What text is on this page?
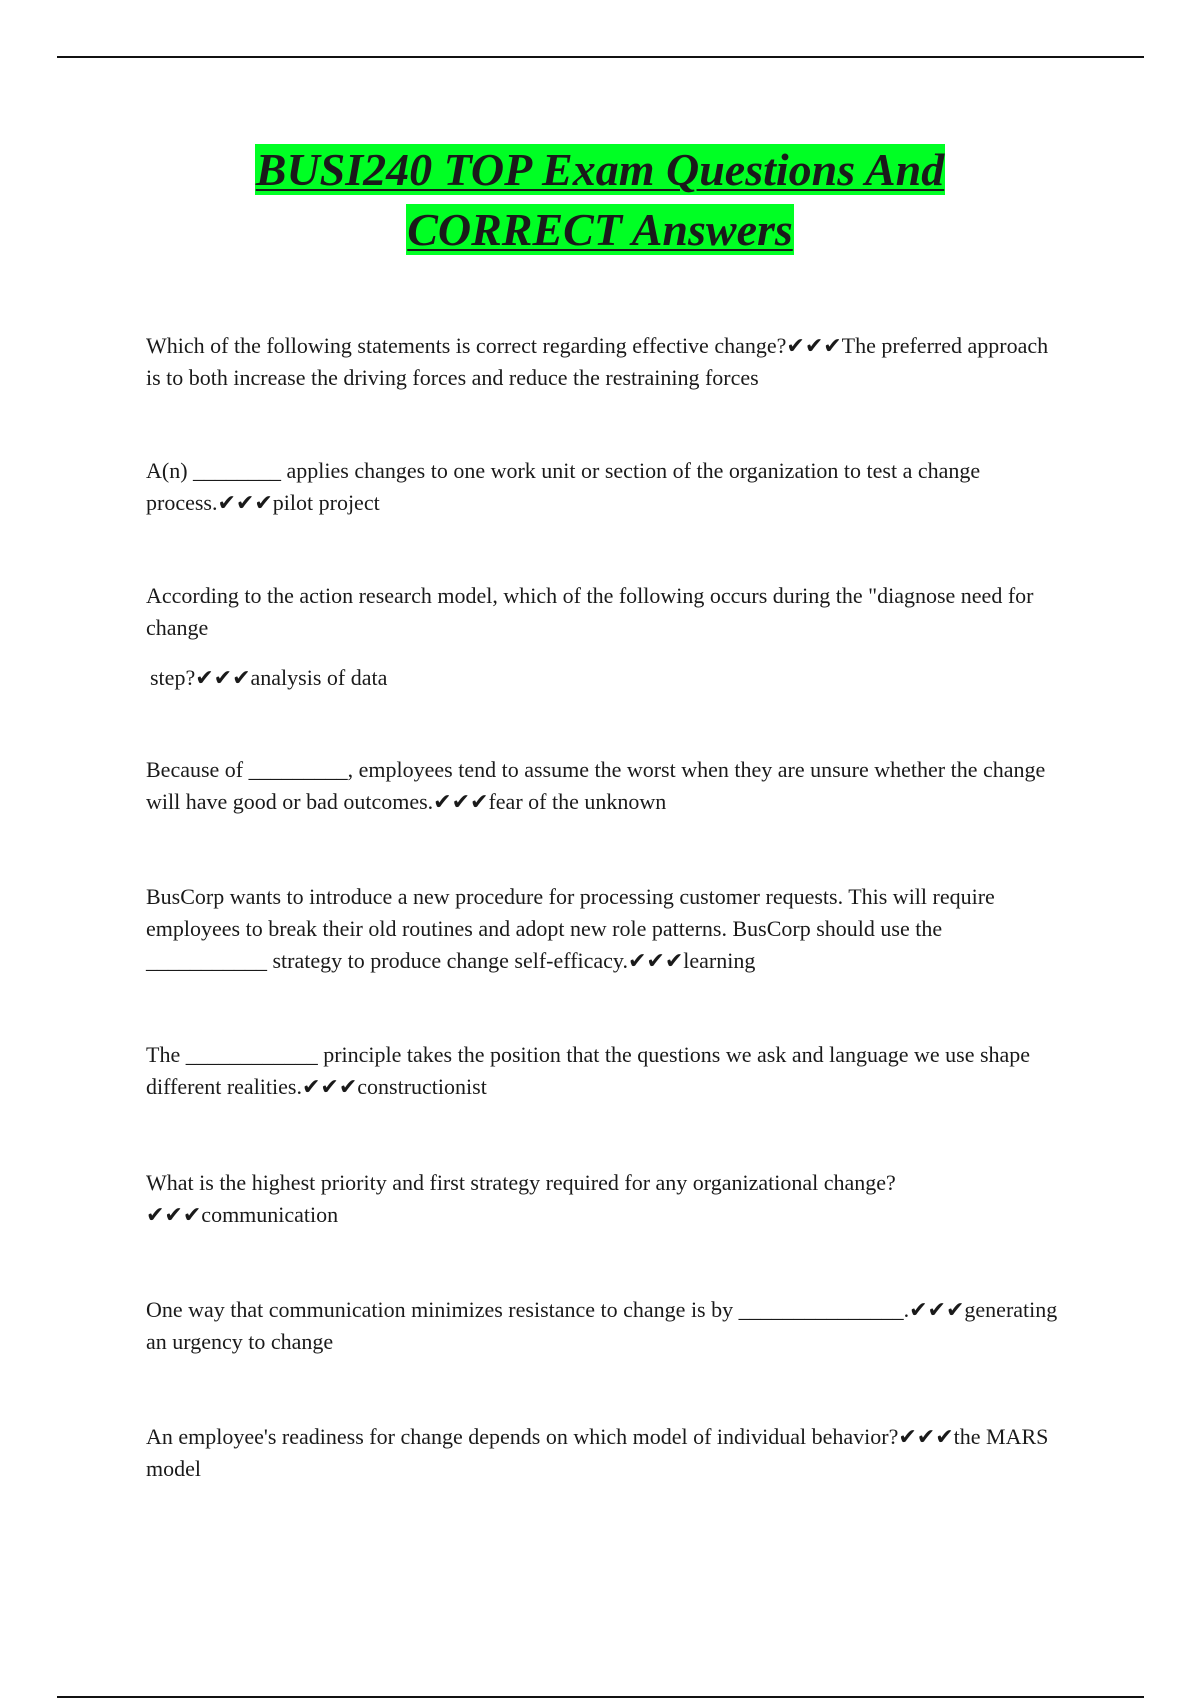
BUSI240 TOP Exam Questions And
CORRECT Answers

Which of the following statements is correct regarding effective change?✔✔✔The preferred approach is to both increase the driving forces and reduce the restraining forces

A(n) ________ applies changes to one work unit or section of the organization to test a change process.✔✔✔pilot project

According to the action research model, which of the following occurs during the "diagnose need for change

step?✔✔✔analysis of data

Because of _________, employees tend to assume the worst when they are unsure whether the change will have good or bad outcomes.✔✔✔fear of the unknown

BusCorp wants to introduce a new procedure for processing customer requests. This will require employees to break their old routines and adopt new role patterns. BusCorp should use the ___________ strategy to produce change self-efficacy.✔✔✔learning

The ____________ principle takes the position that the questions we ask and language we use shape different realities.✔✔✔constructionist

What is the highest priority and first strategy required for any organizational change?✔✔✔communication

One way that communication minimizes resistance to change is by _______________.✔✔✔generating an urgency to change

An employee's readiness for change depends on which model of individual behavior?✔✔✔the MARS model
